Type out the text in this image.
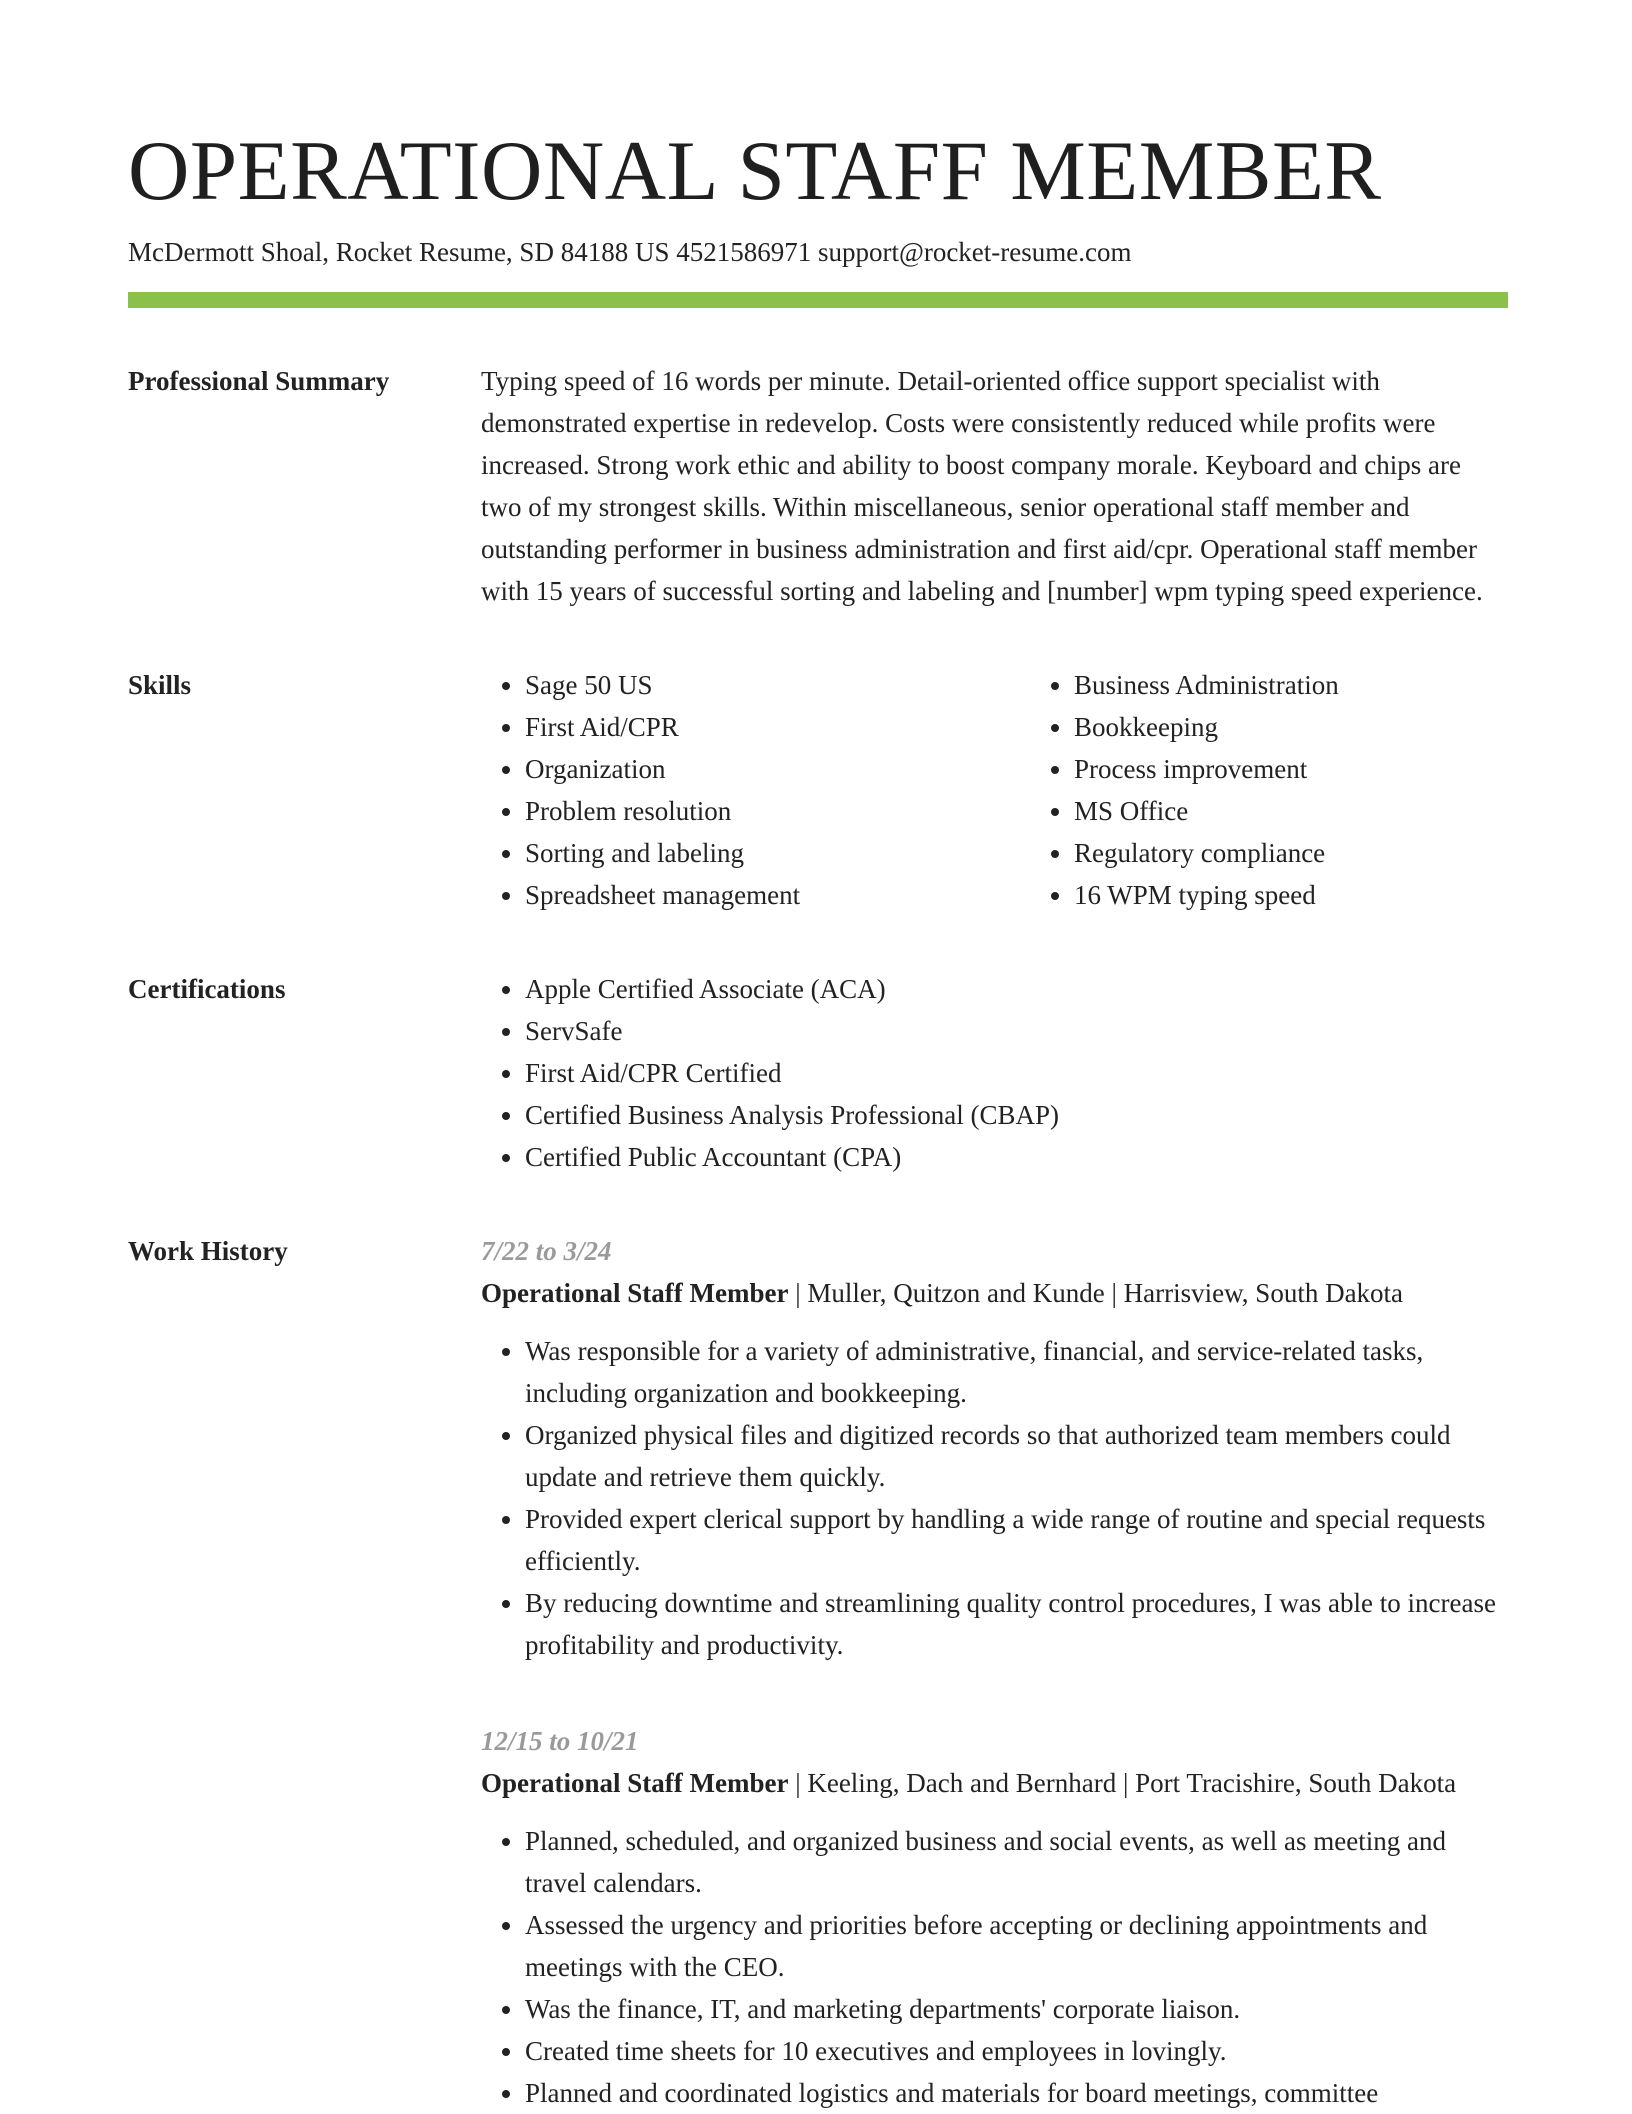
OPERATIONAL STAFF MEMBER
McDermott Shoal, Rocket Resume, SD 84188 US 4521586971 support@rocket-resume.com
Professional Summary	Typing speed of 16 words per minute. Detail-oriented office support specialist with demonstrated expertise in redevelop. Costs were consistently reduced while profits were increased. Strong work ethic and ability to boost company morale. Keyboard and chips are two of my strongest skills. Within miscellaneous, senior operational staff member and outstanding performer in business administration and first aid/cpr. Operational staff member with 15 years of successful sorting and labeling and [number] wpm typing speed experience.

Skills	• Sage 50 US
• First Aid/CPR
• Organization
• Problem resolution
• Sorting and labeling
• Spreadsheet management
• Business Administration
• Bookkeeping
• Process improvement
• MS Office
• Regulatory compliance
• 16 WPM typing speed
Certifications	• Apple Certified Associate (ACA)
• ServSafe
• First Aid/CPR Certified
• Certified Business Analysis Professional (CBAP)
• Certified Public Accountant (CPA)
Work History	7/22 to 3/24
Operational Staff Member | Muller, Quitzon and Kunde | Harrisview, South Dakota
• Was responsible for a variety of administrative, financial, and service-related tasks, including organization and bookkeeping.
• Organized physical files and digitized records so that authorized team members could update and retrieve them quickly.
• Provided expert clerical support by handling a wide range of routine and special requests efficiently.
• By reducing downtime and streamlining quality control procedures, I was able to increase profitability and productivity.
12/15 to 10/21
Operational Staff Member | Keeling, Dach and Bernhard | Port Tracishire, South Dakota
• Planned, scheduled, and organized business and social events, as well as meeting and travel calendars.
• Assessed the urgency and priorities before accepting or declining appointments and meetings with the CEO.
• Was the finance, IT, and marketing departments' corporate liaison.
• Created time sheets for 10 executives and employees in lovingly.
• Planned and coordinated logistics and materials for board meetings, committee
